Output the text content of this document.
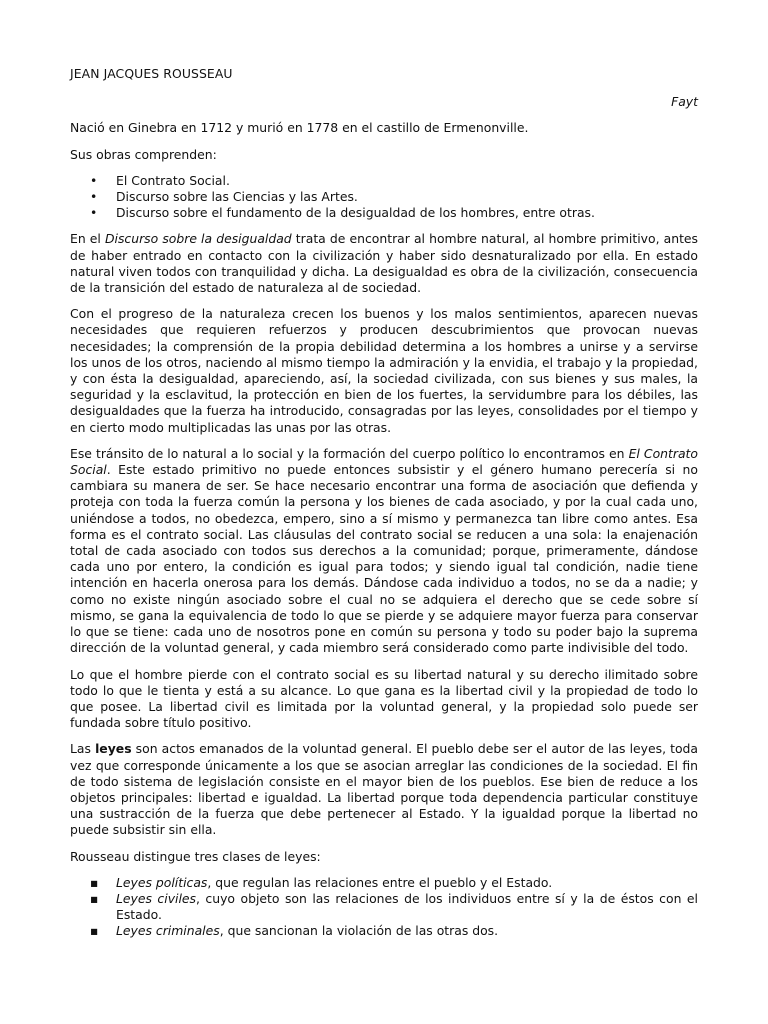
JEAN JACQUES ROUSSEAU
Fayt

Nació en Ginebra en 1712 y murió en 1778 en el castillo de Ermenonville.

Sus obras comprenden:

• El Contrato Social.
• Discurso sobre las Ciencias y las Artes.
• Discurso sobre el fundamento de la desigualdad de los hombres, entre otras.

En el Discurso sobre la desigualdad trata de encontrar al hombre natural, al hombre primitivo, antes de haber entrado en contacto con la civilización y haber sido desnaturalizado por ella. En estado natural viven todos con tranquilidad y dicha. La desigualdad es obra de la civilización, consecuencia de la transición del estado de naturaleza al de sociedad.

Con el progreso de la naturaleza crecen los buenos y los malos sentimientos, aparecen nuevas necesidades que requieren refuerzos y producen descubrimientos que provocan nuevas necesidades; la comprensión de la propia debilidad determina a los hombres a unirse y a servirse los unos de los otros, naciendo al mismo tiempo la admiración y la envidia, el trabajo y la propiedad, y con ésta la desigualdad, apareciendo, así, la sociedad civilizada, con sus bienes y sus males, la seguridad y la esclavitud, la protección en bien de los fuertes, la servidumbre para los débiles, las desigualdades que la fuerza ha introducido, consagradas por las leyes, consolidades por el tiempo y en cierto modo multiplicadas las unas por las otras.

Ese tránsito de lo natural a lo social y la formación del cuerpo político lo encontramos en El Contrato Social. Este estado primitivo no puede entonces subsistir y el género humano perecería si no cambiara su manera de ser. Se hace necesario encontrar una forma de asociación que defienda y proteja con toda la fuerza común la persona y los bienes de cada asociado, y por la cual cada uno, uniéndose a todos, no obedezca, empero, sino a sí mismo y permanezca tan libre como antes. Esa forma es el contrato social. Las cláusulas del contrato social se reducen a una sola: la enajenación total de cada asociado con todos sus derechos a la comunidad; porque, primeramente, dándose cada uno por entero, la condición es igual para todos; y siendo igual tal condición, nadie tiene intención en hacerla onerosa para los demás. Dándose cada individuo a todos, no se da a nadie; y como no existe ningún asociado sobre el cual no se adquiera el derecho que se cede sobre sí mismo, se gana la equivalencia de todo lo que se pierde y se adquiere mayor fuerza para conservar lo que se tiene: cada uno de nosotros pone en común su persona y todo su poder bajo la suprema dirección de la voluntad general, y cada miembro será considerado como parte indivisible del todo.

Lo que el hombre pierde con el contrato social es su libertad natural y su derecho ilimitado sobre todo lo que le tienta y está a su alcance. Lo que gana es la libertad civil y la propiedad de todo lo que posee. La libertad civil es limitada por la voluntad general, y la propiedad solo puede ser fundada sobre título positivo.

Las leyes son actos emanados de la voluntad general. El pueblo debe ser el autor de las leyes, toda vez que corresponde únicamente a los que se asocian arreglar las condiciones de la sociedad. El fin de todo sistema de legislación consiste en el mayor bien de los pueblos. Ese bien de reduce a los objetos principales: libertad e igualdad. La libertad porque toda dependencia particular constituye una sustracción de la fuerza que debe pertenecer al Estado. Y la igualdad porque la libertad no puede subsistir sin ella.

Rousseau distingue tres clases de leyes:

▪ Leyes políticas, que regulan las relaciones entre el pueblo y el Estado.
▪ Leyes civiles, cuyo objeto son las relaciones de los individuos entre sí y la de éstos con el Estado.
▪ Leyes criminales, que sancionan la violación de las otras dos.
